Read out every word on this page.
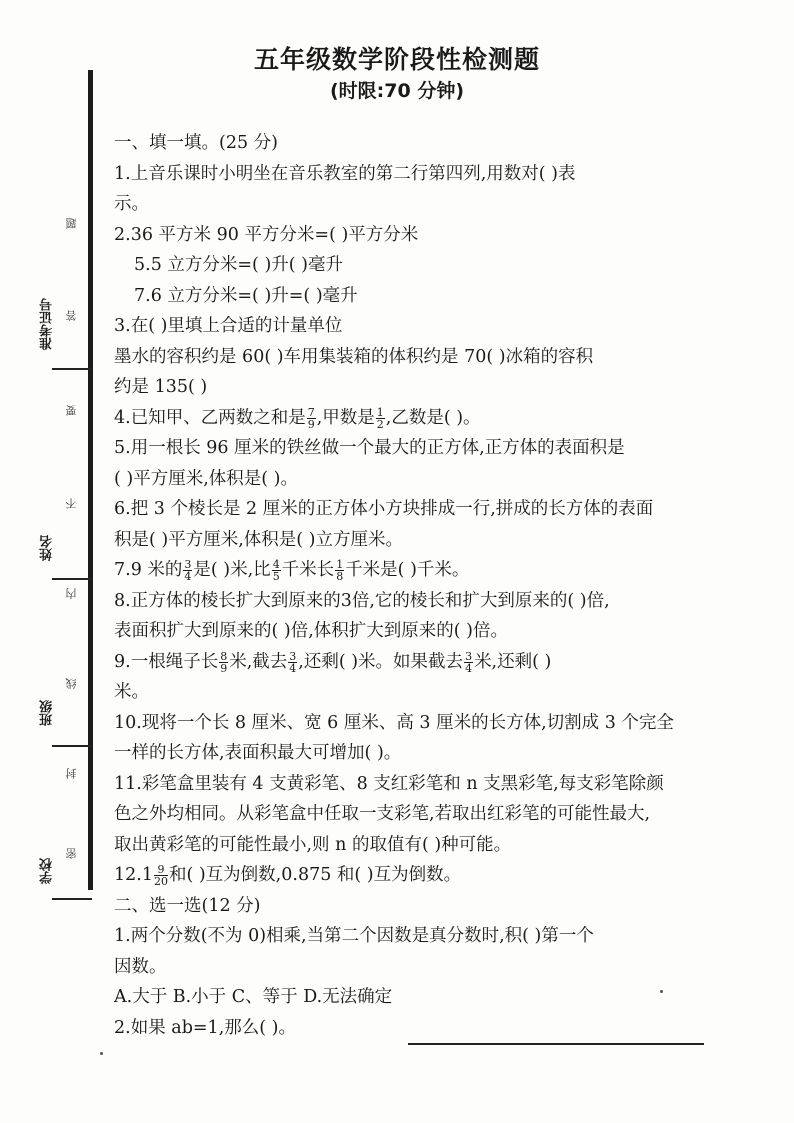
五年级数学阶段性检测题
(时限:70 分钟)
准考证号
姓名
班级
学校
题
答
要
不
内
线
封
密
一、填一填。(25 分)
1.上音乐课时小明坐在音乐教室的第二行第四列,用数对( )表
示。
2.36 平方米 90 平方分米=( )平方分米
5.5 立方分米=( )升( )毫升
7.6 立方分米=( )升=( )毫升
3.在( )里填上合适的计量单位
墨水的容积约是 60( )车用集装箱的体积约是 70( )冰箱的容积
约是 135( )
4.已知甲、乙两数之和是 $\frac{7}{9}$ ,甲数是 $\frac{1}{2}$ ,乙数是( )。
5.用一根长 96 厘米的铁丝做一个最大的正方体,正方体的表面积是
( )平方厘米,体积是( )。
6.把 3 个棱长是 2 厘米的正方体小方块排成一行,拼成的长方体的表面
积是( )平方厘米,体积是( )立方厘米。
7.9 米的 $\frac{3}{4}$ 是( )米,比 $\frac{4}{5}$ 千米长 $\frac{1}{8}$ 千米是( )千米。
8.正方体的棱长扩大到原来的3倍,它的棱长和扩大到原来的( )倍,
表面积扩大到原来的( )倍,体积扩大到原来的( )倍。
9.一根绳子长 $\frac{8}{9}$ 米,截去 $\frac{3}{4}$ ,还剩( )米。如果截去 $\frac{3}{4}$ 米,还剩( )
米。
10.现将一个长 8 厘米、宽 6 厘米、高 3 厘米的长方体,切割成 3 个完全
一样的长方体,表面积最大可增加( )。
11.彩笔盒里装有 4 支黄彩笔、8 支红彩笔和 n 支黑彩笔,每支彩笔除颜
色之外均相同。从彩笔盒中任取一支彩笔,若取出红彩笔的可能性最大,
取出黄彩笔的可能性最小,则 n 的取值有( )种可能。
$12.1 \frac{9}{20}$ 和( )互为倒数,0.875 和( )互为倒数。
二、选一选(12 分)
1.两个分数(不为 0)相乘,当第二个因数是真分数时,积( )第一个
因数。
A.大于 B.小于 C、等于 D.无法确定
2.如果 ab=1,那么( )。
